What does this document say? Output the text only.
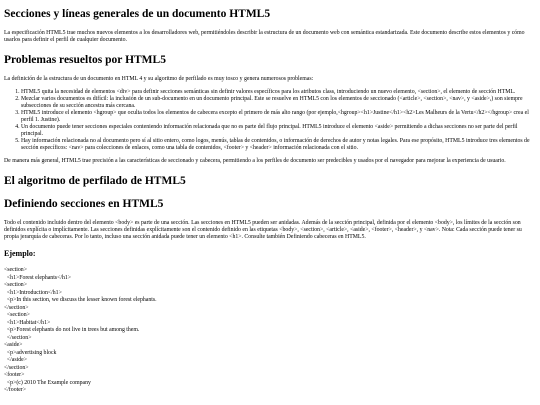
Secciones y líneas generales de un documento HTML5

La especificación HTML5 trae muchos nuevos elementos a los desarrolladores web, permitiéndoles describir la estructura de un documento web con semántica estandarizada. Este documento describe estos elementos y cómo usarlos para definir el perfil de cualquier documento.

Problemas resueltos por HTML5

La definición de la estructura de un documento en HTML 4 y su algoritmo de perfilado es muy tosco y genera numerosos problemas:

1. HTML5 quita la necesidad de elementos <div> para definir secciones semánticas sin definir valores específicos para los atributos class, introduciendo un nuevo elemento, <section>, el elemento de sección HTML.
2. Mezclar varios documentos es difícil: la inclusión de un sub-documento en un documento principal. Este se resuelve en HTML5 con los elementos de seccionado (<article>, <section>, <nav>, y <aside>,) son siempre subsecciones de su sección ancestra más cercana.
3. HTML5 introduce el elemento <hgroup> que oculta todos los elementos de cabecera excepto el primero de más alto rango (por ejemplo,<hgroup><h1>Justine</h1><h2>Les Malheurs de la Vertu</h2></hgroup> crea el perfil 1. Justine).
4. Un documento puede tener secciones especiales conteniendo información relacionada que no es parte del flujo principal. HTML5 introduce el elemento <aside> permitiendo a dichas secciones no ser parte del perfil principal.
5. Hay información relacionada no al documento pero sí al sitio entero, como logos, menús, tablas de contenidos, o información de derechos de autor y notas legales. Para ese propósito, HTML5 introduce tres elementos de sección específicos: <nav> para colecciones de enlaces, como una tabla de contenidos, <footer> y <header> información relacionada con el sitio.

De manera más general, HTML5 trae precisión a las características de seccionado y cabecera, permitiendo a los perfiles de documento ser predecibles y usados por el navegador para mejorar la experiencia de usuario.

El algoritmo de perfilado de HTML5
Definiendo secciones en HTML5

Todo el contenido incluido dentro del elemento <body> es parte de una sección. Las secciones en HTML5 pueden ser anidadas. Además de la sección principal, definida por el elemento <body>, los límites de la sección son definidos explícita o implícitamente. Las secciones definidas explícitamente son el contenido definido en las etiquetas <body>, <section>, <article>, <aside>, <footer>, <header>, y <nav>. Nota: Cada sección puede tener su propia jerarquía de cabeceras. Por lo tanto, incluso una sección anidada puede tener un elemento <h1>. Consulte también Definiendo cabeceras en HTML5.

Ejemplo:
<section>
<h1>Forest elephants</h1>
<section>
<h1>Introduction</h1>
<p>In this section, we discuss the lesser known forest elephants.
</section>
<section>
<h1>Habitat</h1>
<p>Forest elephants do not live in trees but among them.
</section>
<aside>
<p>advertising block
</aside>
</section>
<footer>
<p>(c) 2010 The Example company
</footer>
